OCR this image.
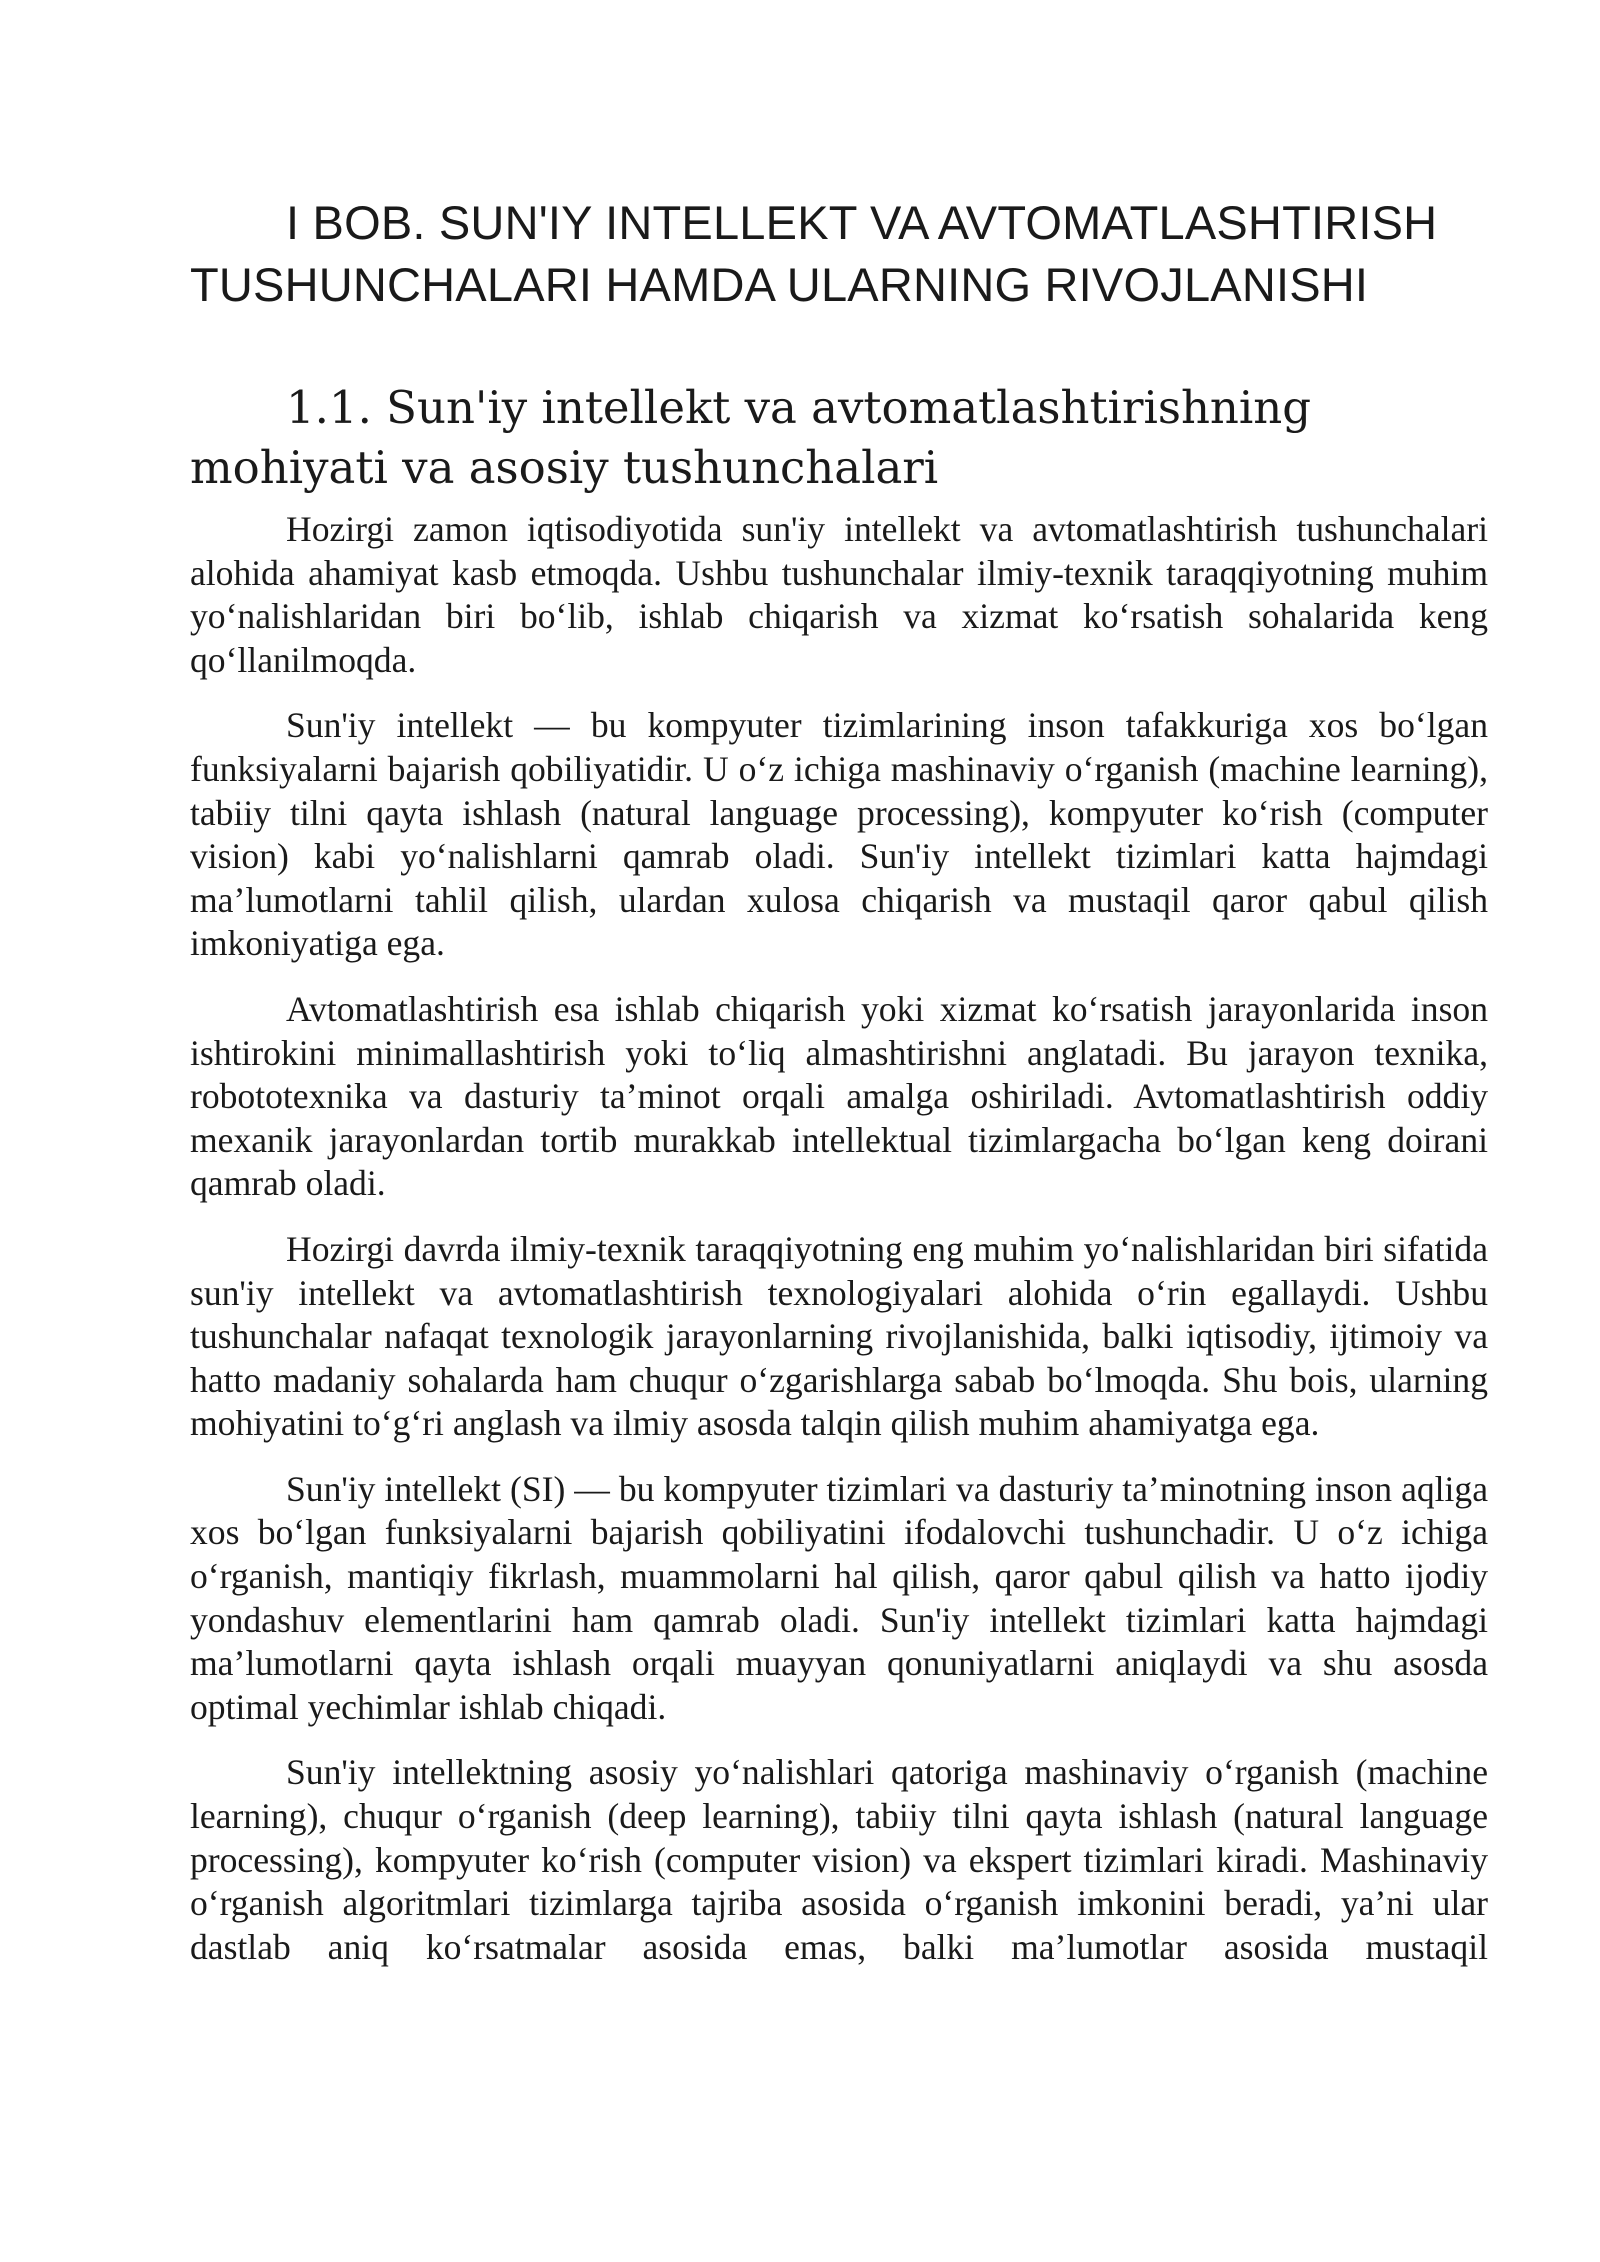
I BOB. SUN'IY INTELLEKT VA AVTOMATLASHTIRISH TUSHUNCHALARI HAMDA ULARNING RIVOJLANISHI
1.1. Sun'iy intellekt va avtomatlashtirishning mohiyati va asosiy tushunchalari

Hozirgi zamon iqtisodiyotida sun'iy intellekt va avtomatlashtirish tushunchalari alohida ahamiyat kasb etmoqda. Ushbu tushunchalar ilmiy-texnik taraqqiyotning muhim yo‘nalishlaridan biri bo‘lib, ishlab chiqarish va xizmat ko‘rsatish sohalarida keng qo‘llanilmoqda.

Sun'iy intellekt — bu kompyuter tizimlarining inson tafakkuriga xos bo‘lgan funksiyalarni bajarish qobiliyatidir. U o‘z ichiga mashinaviy o‘rganish (machine learning), tabiiy tilni qayta ishlash (natural language processing), kompyuter ko‘rish (computer vision) kabi yo‘nalishlarni qamrab oladi. Sun'iy intellekt tizimlari katta hajmdagi ma’lumotlarni tahlil qilish, ulardan xulosa chiqarish va mustaqil qaror qabul qilish imkoniyatiga ega.

Avtomatlashtirish esa ishlab chiqarish yoki xizmat ko‘rsatish jarayonlarida inson ishtirokini minimallashtirish yoki to‘liq almashtirishni anglatadi. Bu jarayon texnika, robototexnika va dasturiy ta’minot orqali amalga oshiriladi. Avtomatlashtirish oddiy mexanik jarayonlardan tortib murakkab intellektual tizimlargacha bo‘lgan keng doirani qamrab oladi.

Hozirgi davrda ilmiy-texnik taraqqiyotning eng muhim yo‘nalishlaridan biri sifatida sun'iy intellekt va avtomatlashtirish texnologiyalari alohida o‘rin egallaydi. Ushbu tushunchalar nafaqat texnologik jarayonlarning rivojlanishida, balki iqtisodiy, ijtimoiy va hatto madaniy sohalarda ham chuqur o‘zgarishlarga sabab bo‘lmoqda. Shu bois, ularning mohiyatini to‘g‘ri anglash va ilmiy asosda talqin qilish muhim ahamiyatga ega.

Sun'iy intellekt (SI) — bu kompyuter tizimlari va dasturiy ta’minotning inson aqliga xos bo‘lgan funksiyalarni bajarish qobiliyatini ifodalovchi tushunchadir. U o‘z ichiga o‘rganish, mantiqiy fikrlash, muammolarni hal qilish, qaror qabul qilish va hatto ijodiy yondashuv elementlarini ham qamrab oladi. Sun'iy intellekt tizimlari katta hajmdagi ma’lumotlarni qayta ishlash orqali muayyan qonuniyatlarni aniqlaydi va shu asosda optimal yechimlar ishlab chiqadi.

Sun'iy intellektning asosiy yo‘nalishlari qatoriga mashinaviy o‘rganish (machine learning), chuqur o‘rganish (deep learning), tabiiy tilni qayta ishlash (natural language processing), kompyuter ko‘rish (computer vision) va ekspert tizimlari kiradi. Mashinaviy o‘rganish algoritmlari tizimlarga tajriba asosida o‘rganish imkonini beradi, ya’ni ular dastlab aniq ko‘rsatmalar asosida emas, balki ma’lumotlar asosida mustaqil
